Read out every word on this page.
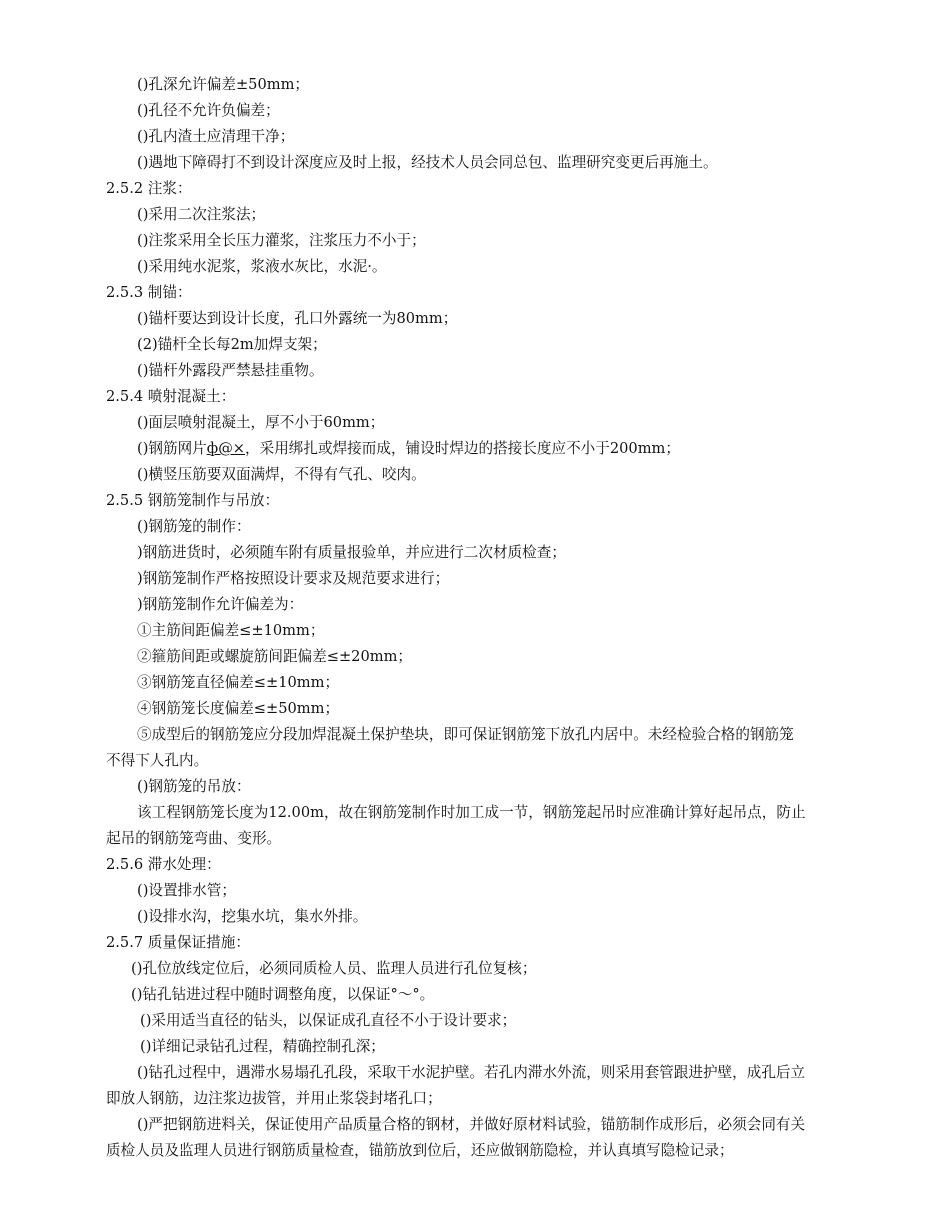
()孔深允许偏差±50mm；
()孔径不允许负偏差；
()孔内渣土应清理干净；
()遇地下障碍打不到设计深度应及时上报，经技术人员会同总包、监理研究变更后再施土。
2.5.2 注浆：
()采用二次注浆法；
()注浆采用全长压力灌浆，注浆压力不小于；
()采用纯水泥浆，浆液水灰比，水泥·。
2.5.3 制锚：
()锚杆要达到设计长度，孔口外露统一为80mm；
(2)锚杆全长每2m加焊支架；
()锚杆外露段严禁悬挂重物。
2.5.4 喷射混凝土：
()面层喷射混凝土，厚不小于60mm；
()钢筋网片ф@×，采用绑扎或焊接而成，铺设时焊边的搭接长度应不小于200mm；
()横竖压筋要双面满焊，不得有气孔、咬肉。
2.5.5 钢筋笼制作与吊放：
()钢筋笼的制作：
)钢筋进货时，必须随车附有质量报验单，并应进行二次材质检查；
)钢筋笼制作严格按照设计要求及规范要求进行；
)钢筋笼制作允许偏差为：
①主筋间距偏差≤±10mm；
②箍筋间距或螺旋筋间距偏差≤±20mm；
③钢筋笼直径偏差≤±10mm；
④钢筋笼长度偏差≤±50mm；
⑤成型后的钢筋笼应分段加焊混凝土保护垫块，即可保证钢筋笼下放孔内居中。未经检验合格的钢筋笼
不得下人孔内。
()钢筋笼的吊放：
该工程钢筋笼长度为12.00m，故在钢筋笼制作时加工成一节，钢筋笼起吊时应准确计算好起吊点，防止
起吊的钢筋笼弯曲、变形。
2.5.6 滞水处理：
()设置排水管；
()设排水沟，挖集水坑，集水外排。
2.5.7 质量保证措施：
()孔位放线定位后，必须同质检人员、监理人员进行孔位复核；
()钻孔钻进过程中随时调整角度，以保证°～°。
()采用适当直径的钻头，以保证成孔直径不小于设计要求；
()详细记录钻孔过程，精确控制孔深；
()钻孔过程中，遇滞水易塌孔孔段，采取干水泥护壁。若孔内滞水外流，则采用套管跟进护壁，成孔后立
即放人钢筋，边注浆边拔管，并用止浆袋封堵孔口；
()严把钢筋进料关，保证使用产品质量合格的钢材，并做好原材料试验，锚筋制作成形后，必须会同有关
质检人员及监理人员进行钢筋质量检查，锚筋放到位后，还应做钢筋隐检，并认真填写隐检记录；
